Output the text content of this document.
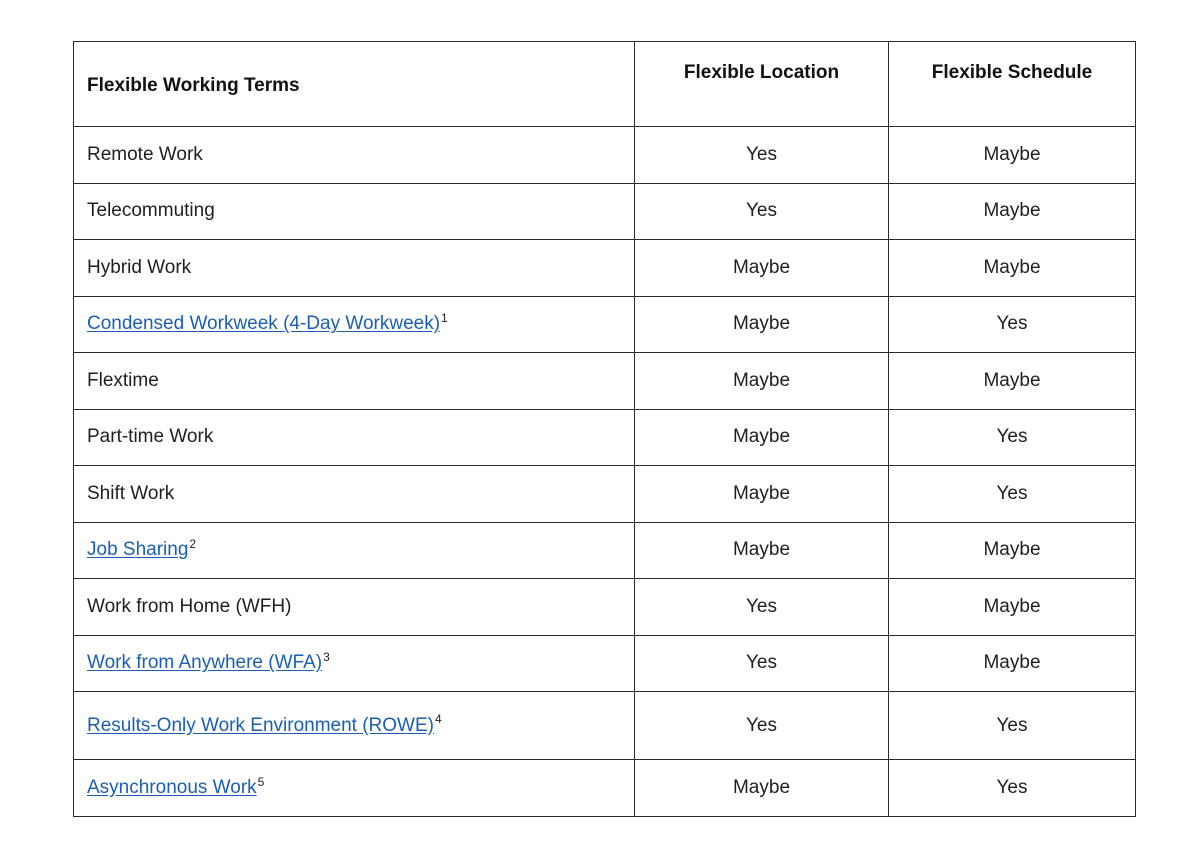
Flexible Working Terms	Flexible Location	Flexible Schedule
Remote Work	Yes	Maybe
Telecommuting	Yes	Maybe
Hybrid Work	Maybe	Maybe
Condensed Workweek (4-Day Workweek)$^1$	Maybe	Yes
Flextime	Maybe	Maybe
Part-time Work	Maybe	Yes
Shift Work	Maybe	Yes
Job Sharing$^2$	Maybe	Maybe
Work from Home (WFH)	Yes	Maybe
Work from Anywhere (WFA)$^3$	Yes	Maybe
Results-Only Work Environment (ROWE)$^4$	Yes	Yes
Asynchronous Work$^5$	Maybe	Yes
